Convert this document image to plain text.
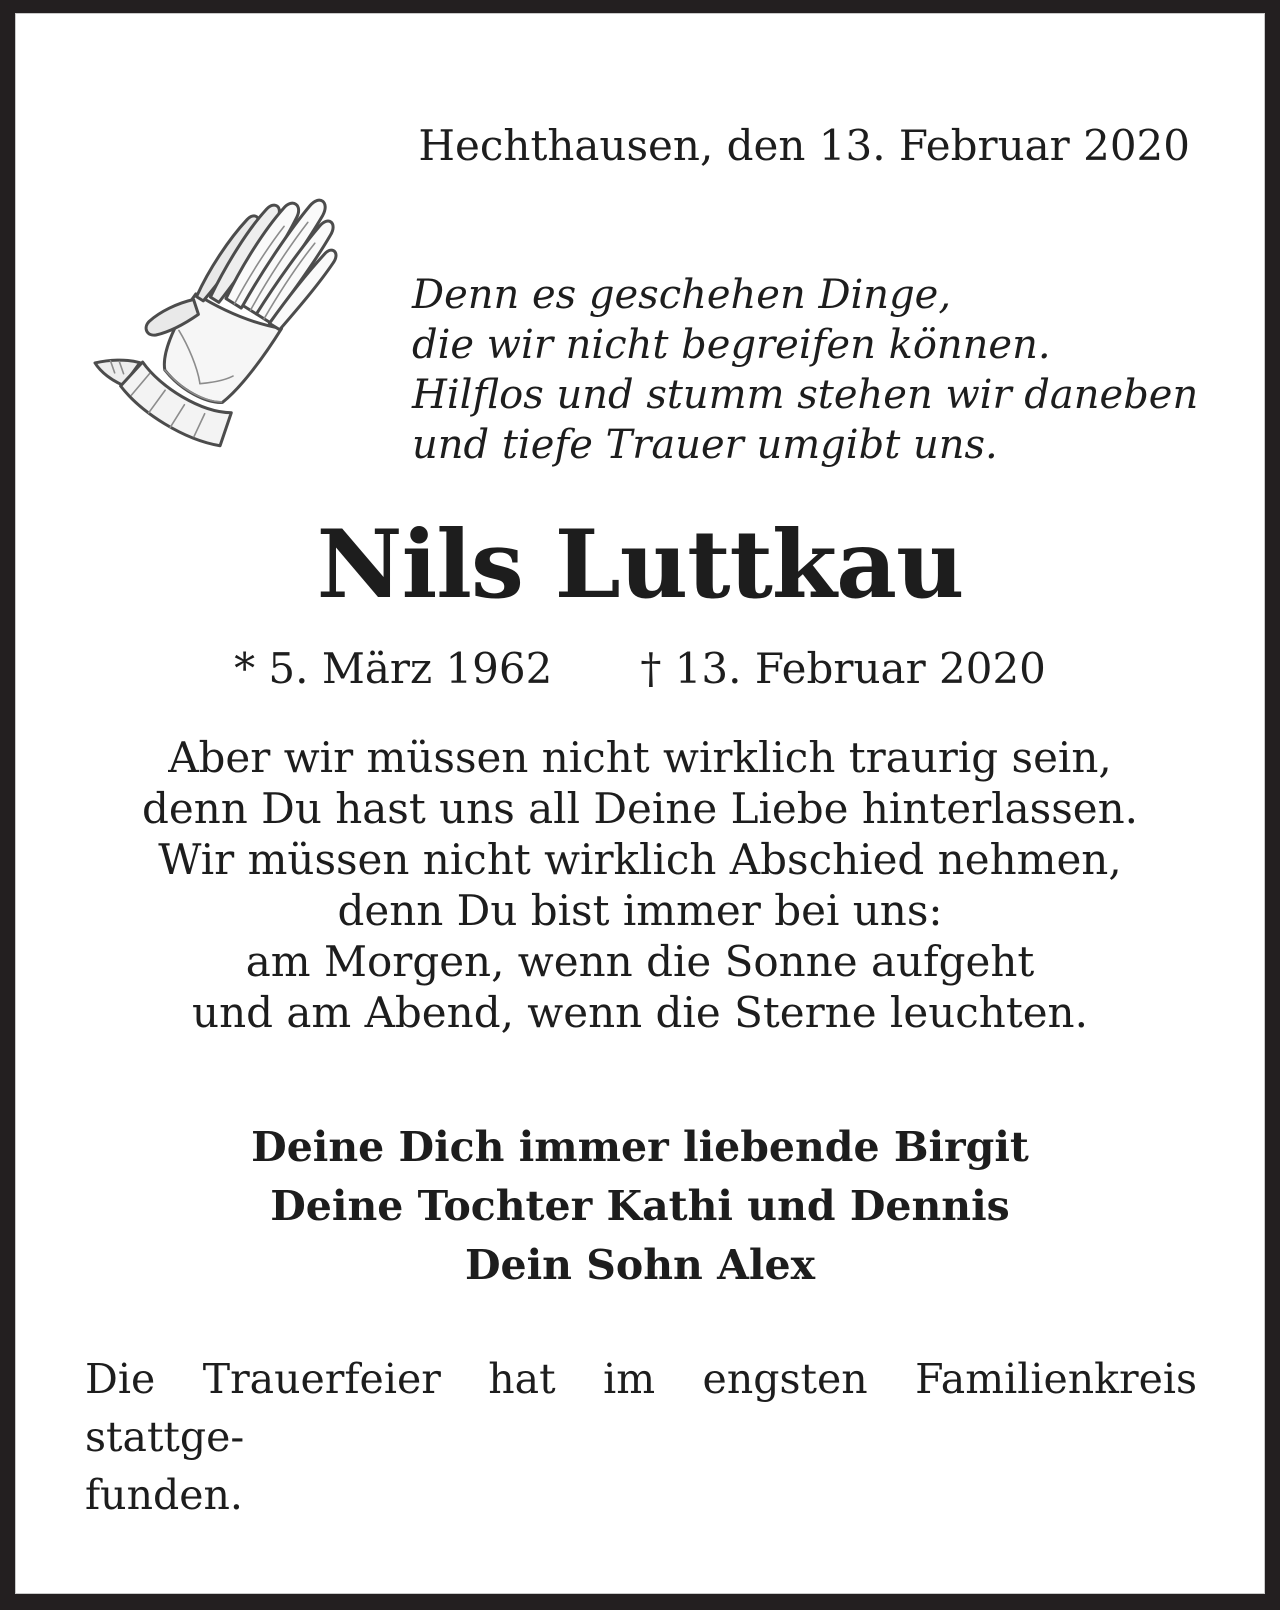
Hechthausen, den 13. Februar 2020
Denn es geschehen Dinge,
die wir nicht begreifen können.
Hilflos und stumm stehen wir daneben
und tiefe Trauer umgibt uns.
Nils Luttkau
* 5. März 1962 † 13. Februar 2020
Aber wir müssen nicht wirklich traurig sein,
denn Du hast uns all Deine Liebe hinterlassen.
Wir müssen nicht wirklich Abschied nehmen,
denn Du bist immer bei uns:
am Morgen, wenn die Sonne aufgeht
und am Abend, wenn die Sterne leuchten.
Deine Dich immer liebende Birgit
Deine Tochter Kathi und Dennis
Dein Sohn Alex
Die Trauerfeier hat im engsten Familienkreis stattge-
funden.
